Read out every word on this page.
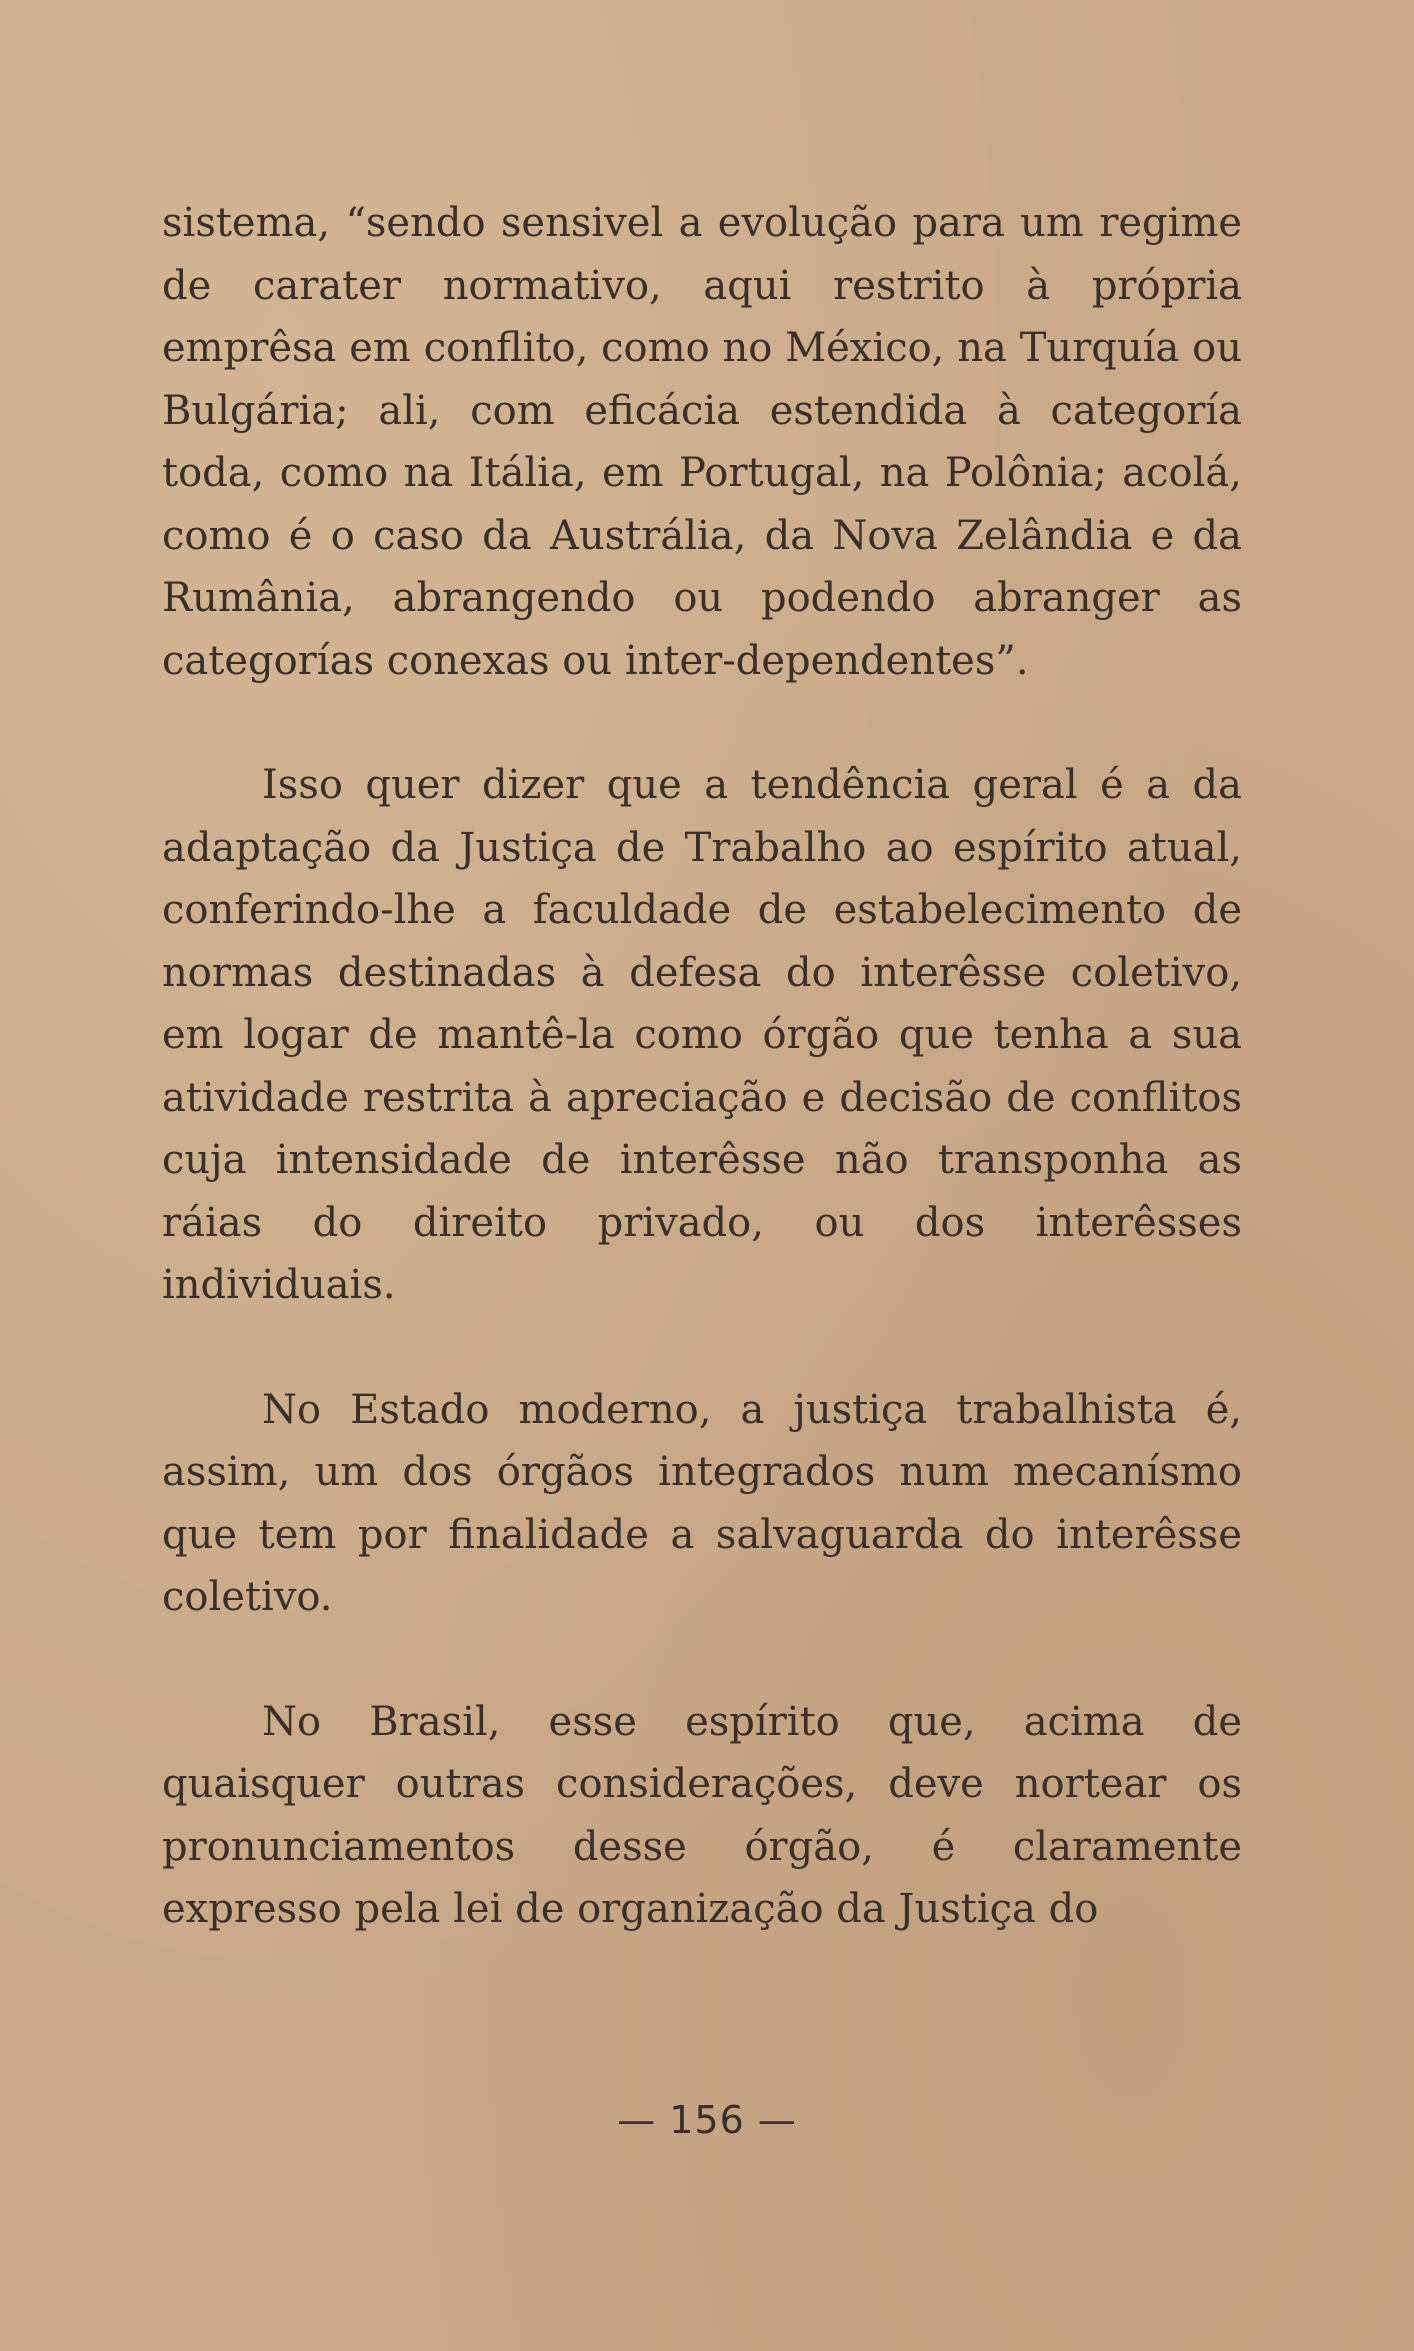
sistema, “sendo sensivel a evolução para um regime de carater normativo, aqui restrito à própria emprêsa em conflito, como no México, na Turquía ou Bulgária; ali, com eficácia estendida à categoría toda, como na Itália, em Portugal, na Polônia; acolá, como é o caso da Austrália, da Nova Zelândia e da Rumânia, abrangendo ou podendo abranger as categorías conexas ou inter-dependentes”.

Isso quer dizer que a tendência geral é a da adaptação da Justiça de Trabalho ao espírito atual, conferindo-lhe a faculdade de estabelecimento de normas destinadas à defesa do interêsse coletivo, em logar de mantê-la como órgão que tenha a sua atividade restrita à apreciação e decisão de conflitos cuja intensidade de interêsse não transponha as ráias do direito privado, ou dos interêsses individuais.

No Estado moderno, a justiça trabalhista é, assim, um dos órgãos integrados num mecanísmo que tem por finalidade a salvaguarda do interêsse coletivo.

No Brasil, esse espírito que, acima de quaisquer outras considerações, deve nortear os pronunciamentos desse órgão, é claramente expresso pela lei de organização da Justiça do

— 156 —
